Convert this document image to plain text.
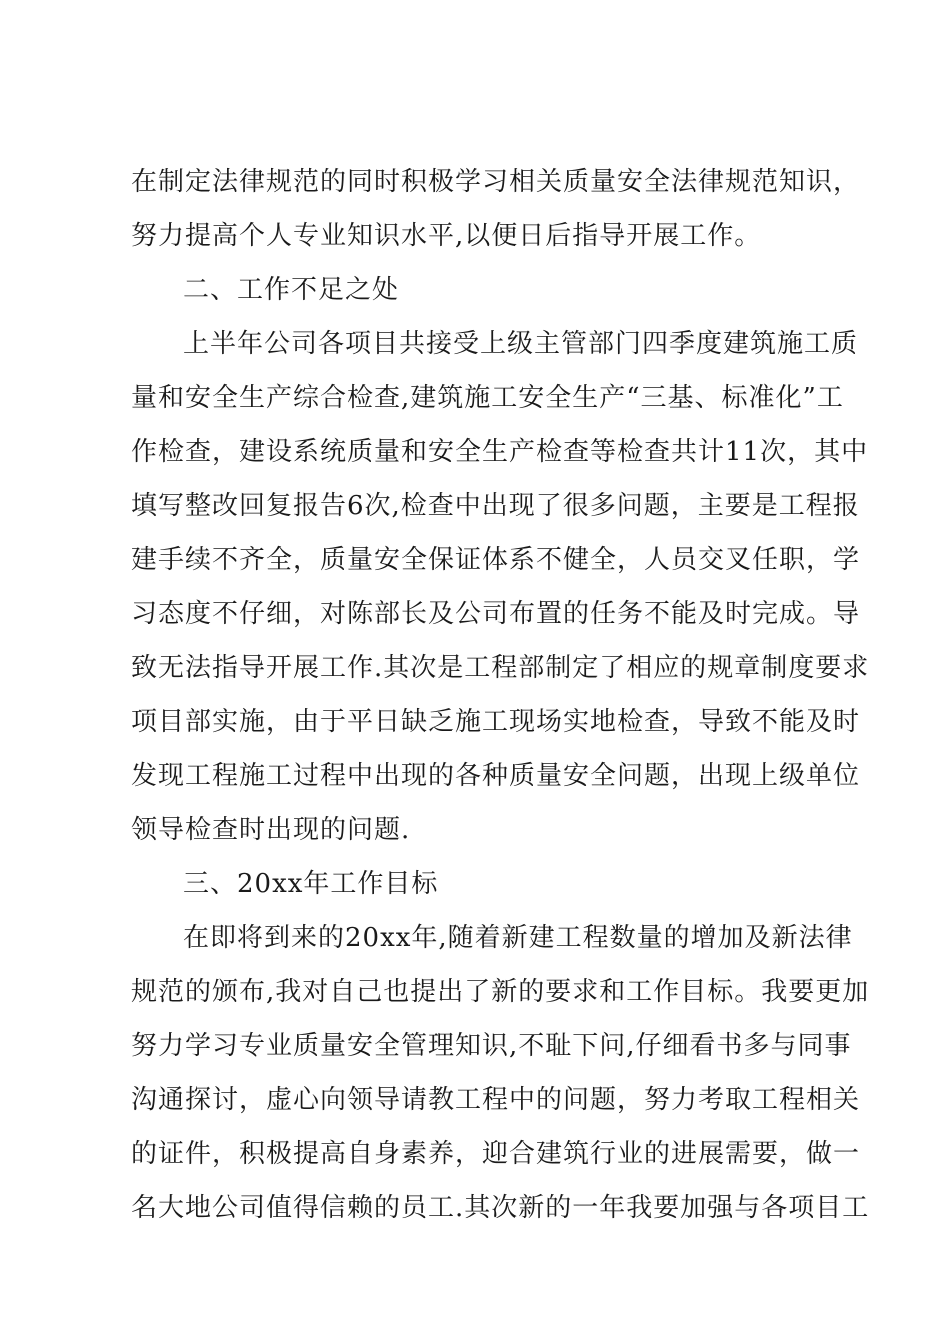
在制定法律规范的同时积极学习相关质量安全法律规范知识，
努力提高个人专业知识水平,以便日后指导开展工作。
二、工作不足之处
上半年公司各项目共接受上级主管部门四季度建筑施工质
量和安全生产综合检查,建筑施工安全生产“三基、标准化”工
作检查，建设系统质量和安全生产检查等检查共计11次，其中
填写整改回复报告6次,检查中出现了很多问题，主要是工程报
建手续不齐全，质量安全保证体系不健全，人员交叉任职，学
习态度不仔细，对陈部长及公司布置的任务不能及时完成。导
致无法指导开展工作.其次是工程部制定了相应的规章制度要求
项目部实施，由于平日缺乏施工现场实地检查，导致不能及时
发现工程施工过程中出现的各种质量安全问题，出现上级单位
领导检查时出现的问题.
三、20xx年工作目标
在即将到来的20xx年,随着新建工程数量的增加及新法律
规范的颁布,我对自己也提出了新的要求和工作目标。我要更加
努力学习专业质量安全管理知识,不耻下问,仔细看书多与同事
沟通探讨，虚心向领导请教工程中的问题，努力考取工程相关
的证件，积极提高自身素养，迎合建筑行业的进展需要，做一
名大地公司值得信赖的员工.其次新的一年我要加强与各项目工
